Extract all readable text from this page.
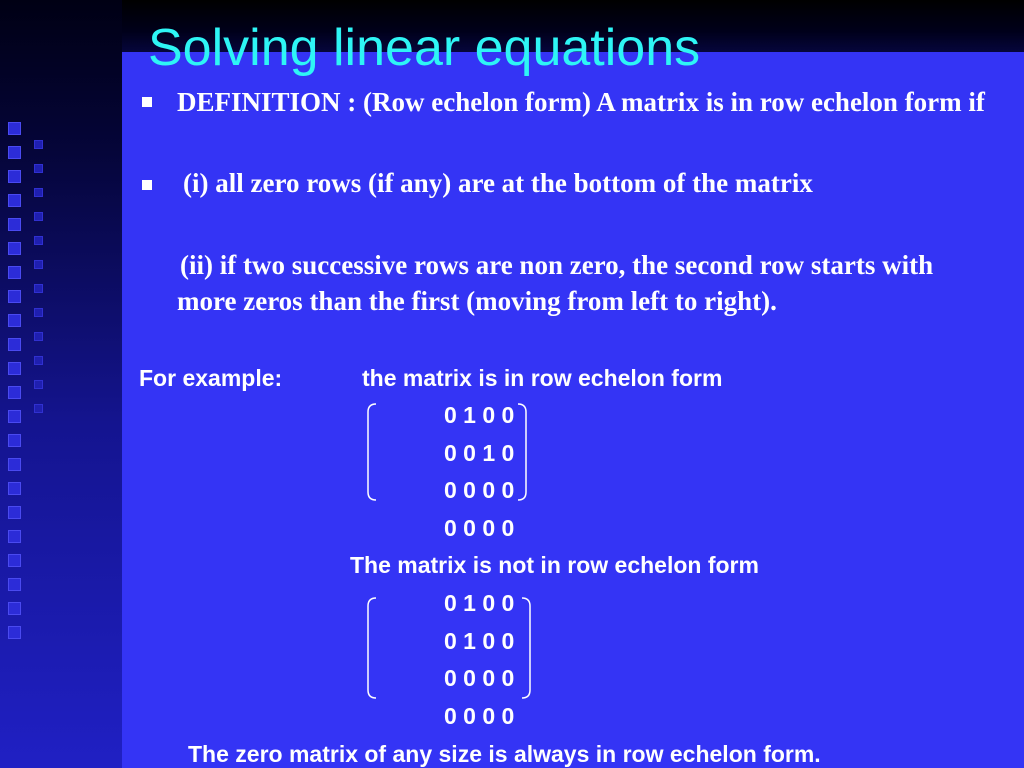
Solving linear equations
DEFINITION : (Row echelon form) A matrix is in row echelon form if
(i) all zero rows (if any) are at the bottom of the matrix
(ii) if two successive rows are non zero, the second row starts with more zeros than the first (moving from left to right).
For example:	the matrix is in row echelon form
0 1 0 0
0 0 1 0
0 0 0 0
0 0 0 0
The matrix is not in row echelon form
0 1 0 0
0 1 0 0
0 0 0 0
0 0 0 0
The zero matrix of any size is always in row echelon form.
